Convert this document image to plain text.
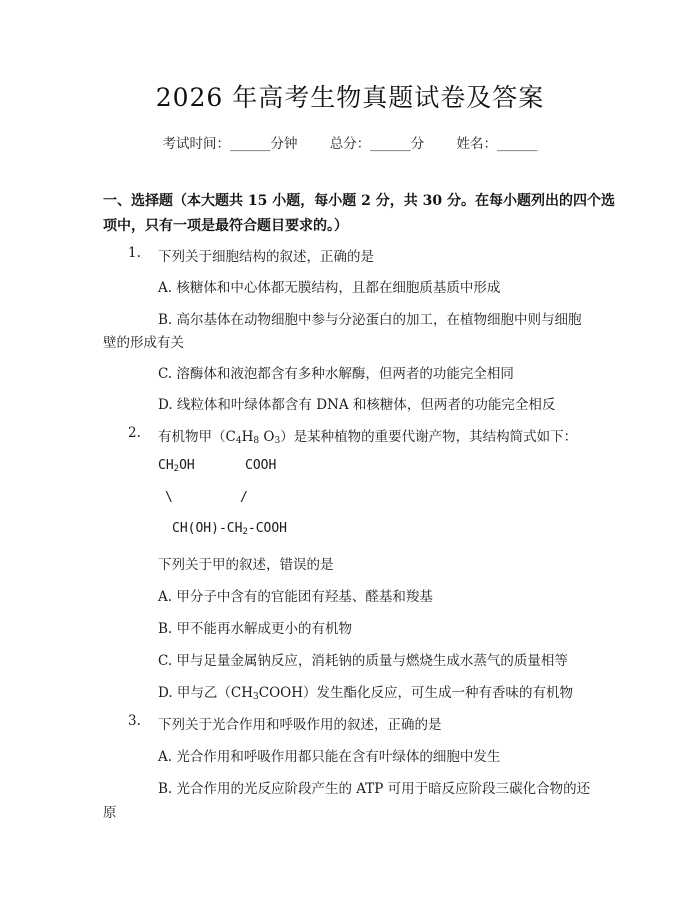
2026 年高考生物真题试卷及答案
考试时间：______分钟 总分：______分 姓名：______
一、选择题（本大题共 15 小题，每小题 2 分，共 30 分。在每小题列出的四个选
项中，只有一项是最符合题目要求的。）
1. 下列关于细胞结构的叙述，正确的是
A. 核糖体和中心体都无膜结构，且都在细胞质基质中形成
B. 高尔基体在动物细胞中参与分泌蛋白的加工，在植物细胞中则与细胞
壁的形成有关
C. 溶酶体和液泡都含有多种水解酶，但两者的功能完全相同
D. 线粒体和叶绿体都含有 DNA 和核糖体，但两者的功能完全相反
2. 有机物甲（$C_4H_8$ $O_3$）是某种植物的重要代谢产物，其结构简式如下：
$CH_2OH$	COOH
\	/
$CH(OH)-CH_2$-COOH
下列关于甲的叙述，错误的是
A. 甲分子中含有的官能团有羟基、醛基和羧基
B. 甲不能再水解成更小的有机物
C. 甲与足量金属钠反应，消耗钠的质量与燃烧生成水蒸气的质量相等
D. 甲与乙$(CH_3COOH)$发生酯化反应，可生成一种有香味的有机物
3. 下列关于光合作用和呼吸作用的叙述，正确的是
A. 光合作用和呼吸作用都只能在含有叶绿体的细胞中发生
B. 光合作用的光反应阶段产生的 ATP 可用于暗反应阶段三碳化合物的还
原
